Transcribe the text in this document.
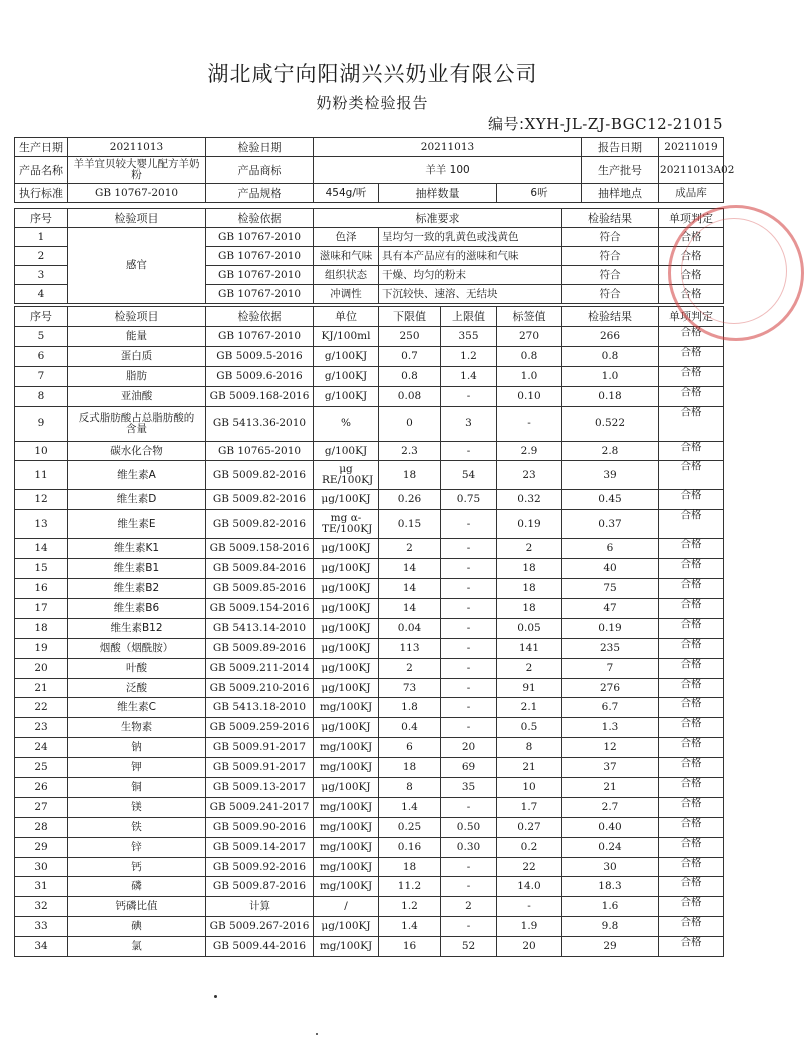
湖北咸宁向阳湖兴兴奶业有限公司
奶粉类检验报告
编号:XYH-JL-ZJ-BGC12-21015
生产日期	20211013	检验日期	20211013			报告日期	20211019
产品名称	羊羊宜贝较大婴儿配方羊奶粉	产品商标	羊羊 100			生产批号	20211013A02
执行标准	GB 10767-2010	产品规格	454g/听	抽样数量	6听	抽样地点	成品库
序号	检验项目	检验依据	标准要求		检验结果	单项判定
1	感官	GB 10767-2010	色泽	呈均匀一致的乳黄色或浅黄色	符合	合格
2		GB 10767-2010	滋味和气味	具有本产品应有的滋味和气味	符合	合格
3		GB 10767-2010	组织状态	干燥、均匀的粉末	符合	合格
4		GB 10767-2010	冲调性	下沉较快、速溶、无结块	符合	合格
序号	检验项目	检验依据	单位	下限值	上限值	标签值	检验结果	单项判定
5	能量	GB 10767-2010	KJ/100ml	250	355	270	266	合格
6	蛋白质	GB 5009.5-2016	g/100KJ	0.7	1.2	0.8	0.8	合格
7	脂肪	GB 5009.6-2016	g/100KJ	0.8	1.4	1.0	1.0	合格
8	亚油酸	GB 5009.168-2016	g/100KJ	0.08	-	0.10	0.18	合格
9	反式脂肪酸占总脂肪酸的含量	GB 5413.36-2010	%	0	3	-	0.522	合格
10	碳水化合物	GB 10765-2010	g/100KJ	2.3	-	2.9	2.8	合格
11	维生素A	GB 5009.82-2016	μg RE/100KJ	18	54	23	39	合格
12	维生素D	GB 5009.82-2016	μg/100KJ	0.26	0.75	0.32	0.45	合格
13	维生素E	GB 5009.82-2016	mg α-TE/100KJ	0.15	-	0.19	0.37	合格
14	维生素K1	GB 5009.158-2016	μg/100KJ	2	-	2	6	合格
15	维生素B1	GB 5009.84-2016	μg/100KJ	14	-	18	40	合格
16	维生素B2	GB 5009.85-2016	μg/100KJ	14	-	18	75	合格
17	维生素B6	GB 5009.154-2016	μg/100KJ	14	-	18	47	合格
18	维生素B12	GB 5413.14-2010	μg/100KJ	0.04	-	0.05	0.19	合格
19	烟酸（烟酰胺）	GB 5009.89-2016	μg/100KJ	113	-	141	235	合格
20	叶酸	GB 5009.211-2014	μg/100KJ	2	-	2	7	合格
21	泛酸	GB 5009.210-2016	μg/100KJ	73	-	91	276	合格
22	维生素C	GB 5413.18-2010	mg/100KJ	1.8	-	2.1	6.7	合格
23	生物素	GB 5009.259-2016	μg/100KJ	0.4	-	0.5	1.3	合格
24	钠	GB 5009.91-2017	mg/100KJ	6	20	8	12	合格
25	钾	GB 5009.91-2017	mg/100KJ	18	69	21	37	合格
26	铜	GB 5009.13-2017	μg/100KJ	8	35	10	21	合格
27	镁	GB 5009.241-2017	mg/100KJ	1.4	-	1.7	2.7	合格
28	铁	GB 5009.90-2016	mg/100KJ	0.25	0.50	0.27	0.40	合格
29	锌	GB 5009.14-2017	mg/100KJ	0.16	0.30	0.2	0.24	合格
30	钙	GB 5009.92-2016	mg/100KJ	18	-	22	30	合格
31	磷	GB 5009.87-2016	mg/100KJ	11.2	-	14.0	18.3	合格
32	钙磷比值	计算	/	1.2	2	-	1.6	合格
33	碘	GB 5009.267-2016	μg/100KJ	1.4	-	1.9	9.8	合格
34	氯	GB 5009.44-2016	mg/100KJ	16	52	20	29	合格
